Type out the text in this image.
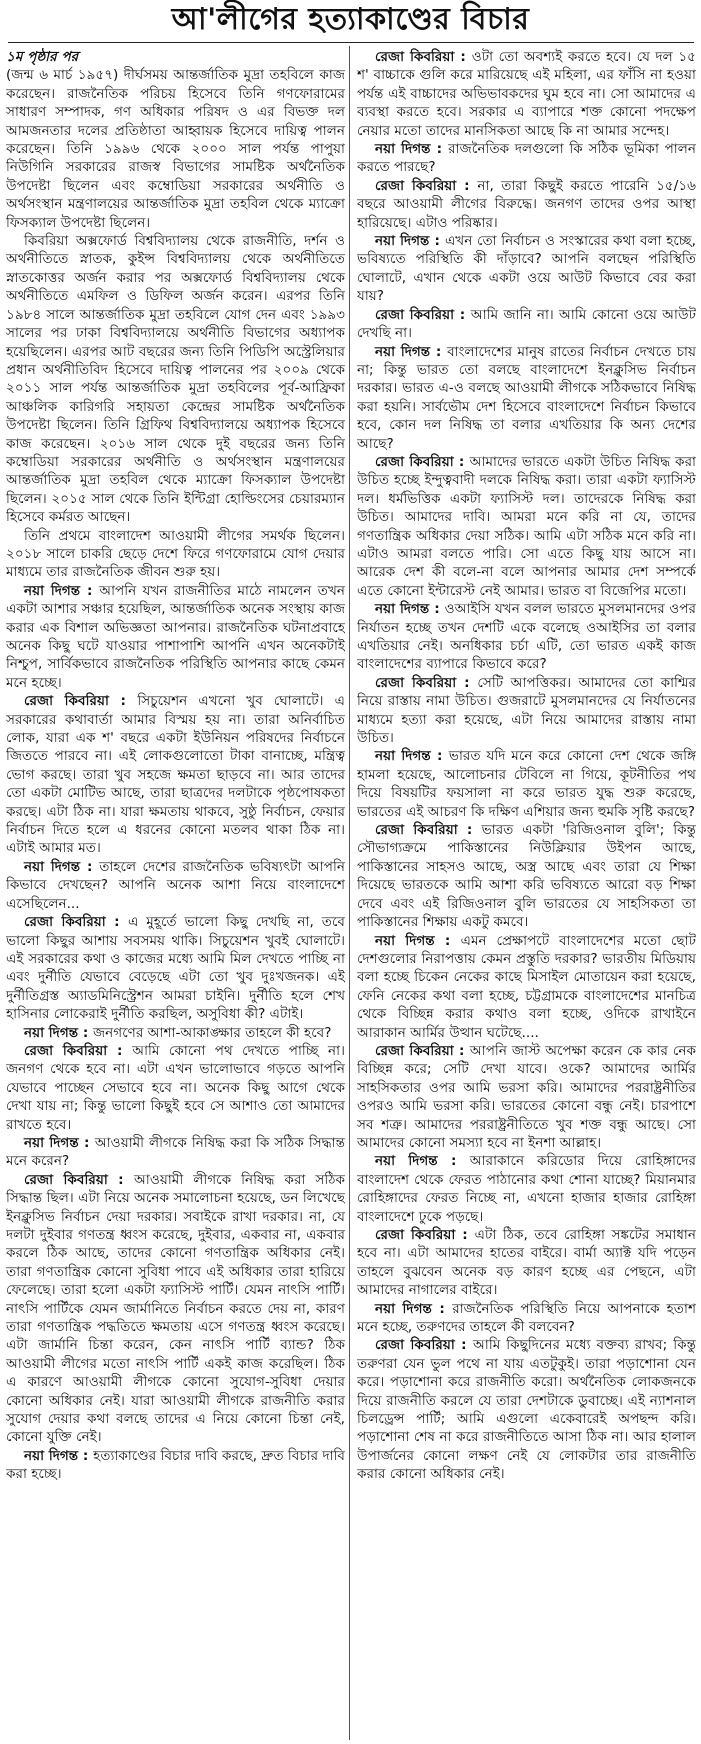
আ'লীগের হত্যাকাণ্ডের বিচার

১ম পৃষ্ঠার পর
(জন্ম ৬ মার্চ ১৯৫৭) দীর্ঘসময় আন্তর্জাতিক মুদ্রা তহবিলে কাজ করেছেন। রাজনৈতিক পরিচয় হিসেবে তিনি গণফোরামের সাধারণ সম্পাদক, গণ অধিকার পরিষদ ও এর বিভক্ত দল আমজনতার দলের প্রতিষ্ঠাতা আহ্বায়ক হিসেবে দায়িত্ব পালন করেছেন। তিনি ১৯৯৬ থেকে ২০০০ সাল পর্যন্ত পাপুয়া নিউগিনি সরকারের রাজস্ব বিভাগের সামষ্টিক অর্থনৈতিক উপদেষ্টা ছিলেন এবং কম্বোডিয়া সরকারের অর্থনীতি ও অর্থসংস্থান মন্ত্রণালয়ের আন্তর্জাতিক মুদ্রা তহবিল থেকে ম্যাক্রো ফিসক্যাল উপদেষ্টা ছিলেন।

কিবরিয়া অক্সফোর্ড বিশ্ববিদ্যালয় থেকে রাজনীতি, দর্শন ও অর্থনীতিতে স্নাতক, কুইন্স বিশ্ববিদ্যালয় থেকে অর্থনীতিতে স্নাতকোত্তর অর্জন করার পর অক্সফোর্ড বিশ্ববিদ্যালয় থেকে অর্থনীতিতে এমফিল ও ডিফিল অর্জন করেন। এরপর তিনি ১৯৮৪ সালে আন্তর্জাতিক মুদ্রা তহবিলে যোগ দেন এবং ১৯৯৩ সালের পর ঢাকা বিশ্ববিদ্যালয়ে অর্থনীতি বিভাগের অধ্যাপক হয়েছিলেন। এরপর আট বছরের জন্য তিনি পিডিপি অস্ট্রেলিয়ার প্রধান অর্থনীতিবিদ হিসেবে দায়িত্ব পালনের পর ২০০৯ থেকে ২০১১ সাল পর্যন্ত আন্তর্জাতিক মুদ্রা তহবিলের পূর্ব-আফ্রিকা আঞ্চলিক কারিগরি সহায়তা কেন্দ্রের সামষ্টিক অর্থনৈতিক উপদেষ্টা ছিলেন। তিনি গ্রিফিথ বিশ্ববিদ্যালয়ে অধ্যাপক হিসেবে কাজ করেছেন। ২০১৬ সাল থেকে দুই বছরের জন্য তিনি কম্বোডিয়া সরকারের অর্থনীতি ও অর্থসংস্থান মন্ত্রণালয়ের আন্তর্জাতিক মুদ্রা তহবিল থেকে ম্যাক্রো ফিসক্যাল উপদেষ্টা ছিলেন। ২০১৫ সাল থেকে তিনি ইন্টিগ্রা হোল্ডিংসের চেয়ারম্যান হিসেবে কর্মরত আছেন।

তিনি প্রথমে বাংলাদেশ আওয়ামী লীগের সমর্থক ছিলেন। ২০১৮ সালে চাকরি ছেড়ে দেশে ফিরে গণফোরামে যোগ দেয়ার মাধ্যমে তার রাজনৈতিক জীবন শুরু হয়।

নয়া দিগন্ত : আপনি যখন রাজনীতির মাঠে নামলেন তখন একটা আশার সঞ্চার হয়েছিল, আন্তর্জাতিক অনেক সংস্থায় কাজ করার এক বিশাল অভিজ্ঞতা আপনার। রাজনৈতিক ঘটনাপ্রবাহে অনেক কিছু ঘটে যাওয়ার পাশাপাশি আপনি এখন অনেকটাই নিশ্চুপ, সার্বিকভাবে রাজনৈতিক পরিস্থিতি আপনার কাছে কেমন মনে হচ্ছে।

রেজা কিবরিয়া : সিচুয়েশন এখনো খুব ঘোলাটে। এ সরকারের কথাবার্তা আমার বিস্ময় হয় না। তারা অনির্বাচিত লোক, যারা এক শ' বছরে একটা ইউনিয়ন পরিষদের নির্বাচনে জিততে পারবে না। এই লোকগুলোতো টাকা বানাচ্ছে, মন্ত্রিত্ব ভোগ করছে। তারা খুব সহজে ক্ষমতা ছাড়বে না। আর তাদের তো একটা মোটিভ আছে, তারা ছাত্রদের দলটাকে পৃষ্ঠপোষকতা করছে। এটা ঠিক না। যারা ক্ষমতায় থাকবে, সুষ্ঠু নির্বাচন, ফেয়ার নির্বাচন দিতে হলে এ ধরনের কোনো মতলব থাকা ঠিক না। এটাই আমার মত।

নয়া দিগন্ত : তাহলে দেশের রাজনৈতিক ভবিষ্যৎটা আপনি কিভাবে দেখছেন? আপনি অনেক আশা নিয়ে বাংলাদেশে এসেছিলেন...

রেজা কিবরিয়া : এ মুহূর্তে ভালো কিছু দেখছি না, তবে ভালো কিছুর আশায় সবসময় থাকি। সিচুয়েশন খুবই ঘোলাটে। এই সরকারের কথা ও কাজের মধ্যে আমি মিল দেখতে পাচ্ছি না এবং দুর্নীতি যেভাবে বেড়েছে এটা তো খুব দুঃখজনক। এই দুর্নীতিগ্রস্ত অ্যাডমিনিস্ট্রেশন আমরা চাইনি। দুর্নীতি হলে শেখ হাসিনার লোকেরাই দুর্নীতি করছিল, অসুবিধা কী? এটাই।

নয়া দিগন্ত : জনগণের আশা-আকাঙ্ক্ষার তাহলে কী হবে?

রেজা কিবরিয়া : আমি কোনো পথ দেখতে পাচ্ছি না। জনগণ থেকে হবে না। এটা এখন ভালোভাবে গড়তে আপনি যেভাবে পাচ্ছেন সেভাবে হবে না। অনেক কিছু আগে থেকে দেখা যায় না; কিন্তু ভালো কিছুই হবে সে আশাও তো আমাদের রাখতে হবে।

নয়া দিগন্ত : আওয়ামী লীগকে নিষিদ্ধ করা কি সঠিক সিদ্ধান্ত মনে করেন?

রেজা কিবরিয়া : আওয়ামী লীগকে নিষিদ্ধ করা সঠিক সিদ্ধান্ত ছিল। এটা নিয়ে অনেক সমালোচনা হয়েছে, ডন লিখেছে ইনক্লুসিভ নির্বাচন দেয়া দরকার। সবাইকে রাখা দরকার। না, যে দলটা দুইবার গণতন্ত্র ধ্বংস করেছে, দুইবার, একবার না, একবার করলে ঠিক আছে, তাদের কোনো গণতান্ত্রিক অধিকার নেই। তারা গণতান্ত্রিক কোনো সুবিধা পাবে এই অধিকার তারা হারিয়ে ফেলেছে। তারা হলো একটা ফ্যাসিস্ট পার্টি। যেমন নাৎসি পার্টি। নাৎসি পার্টিকে যেমন জার্মানিতে নির্বাচন করতে দেয় না, কারণ তারা গণতান্ত্রিক পদ্ধতিতে ক্ষমতায় এসে গণতন্ত্র ধ্বংস করেছে। এটা জার্মানি চিন্তা করেন, কেন নাৎসি পার্টি ব্যান্ড? ঠিক আওয়ামী লীগের মতো নাৎসি পার্টি একই কাজ করেছিল। ঠিক এ কারণে আওয়ামী লীগকে কোনো সুযোগ-সুবিধা দেয়ার কোনো অধিকার নেই। যারা আওয়ামী লীগকে রাজনীতি করার সুযোগ দেয়ার কথা বলছে তাদের এ নিয়ে কোনো চিন্তা নেই, কোনো যুক্তি নেই।

নয়া দিগন্ত : হত্যাকাণ্ডের বিচার দাবি করছে, দ্রুত বিচার দাবি করা হচ্ছে।

রেজা কিবরিয়া : ওটা তো অবশ্যই করতে হবে। যে দল ১৫ শ' বাচ্চাকে গুলি করে মারিয়েছে এই মহিলা, এর ফাঁসি না হওয়া পর্যন্ত এই বাচ্চাদের অভিভাবকদের ঘুম হবে না। সো আমাদের এ ব্যবস্থা করতে হবে। সরকার এ ব্যাপারে শক্ত কোনো পদক্ষেপ নেয়ার মতো তাদের মানসিকতা আছে কি না আমার সন্দেহ।

নয়া দিগন্ত : রাজনৈতিক দলগুলো কি সঠিক ভূমিকা পালন করতে পারছে?

রেজা কিবরিয়া : না, তারা কিছুই করতে পারেনি ১৫/১৬ বছরে আওয়ামী লীগের বিরুদ্ধে। জনগণ তাদের ওপর আস্থা হারিয়েছে। এটাও পরিষ্কার।

নয়া দিগন্ত : এখন তো নির্বাচন ও সংস্কারের কথা বলা হচ্ছে, ভবিষ্যতে পরিস্থিতি কী দাঁড়াবে? আপনি বলছেন পরিস্থিতি ঘোলাটে, এখান থেকে একটা ওয়ে আউট কিভাবে বের করা যায়?

রেজা কিবরিয়া : আমি জানি না। আমি কোনো ওয়ে আউট দেখছি না।

নয়া দিগন্ত : বাংলাদেশের মানুষ রাতের নির্বাচন দেখতে চায় না; কিন্তু ভারত তো বলছে বাংলাদেশে ইনক্লুসিভ নির্বাচন দরকার। ভারত এ-ও বলছে আওয়ামী লীগকে সঠিকভাবে নিষিদ্ধ করা হয়নি। সার্বভৌম দেশ হিসেবে বাংলাদেশে নির্বাচন কিভাবে হবে, কোন দল নিষিদ্ধ তা বলার এখতিয়ার কি অন্য দেশের আছে?

রেজা কিবরিয়া : আমাদের ভারতে একটা উচিত নিষিদ্ধ করা উচিত হচ্ছে ইন্দুত্ববাদী দলকে নিষিদ্ধ করা। তারা একটা ফ্যাসিস্ট দল। ধর্মভিত্তিক একটা ফ্যাসিস্ট দল। তাদেরকে নিষিদ্ধ করা উচিত। আমাদের দাবি। আমরা মনে করি না যে, তাদের গণতান্ত্রিক অধিকার দেয়া সঠিক। আমি এটা সঠিক মনে করি না। এটাও আমরা বলতে পারি। সো এতে কিছু যায় আসে না। আরেক দেশ কী বলে-না বলে আপনার আমার দেশ সম্পর্কে এতে কোনো ইন্টারেস্ট নেই আমার। ভারত বা বিজেপির মতো।

নয়া দিগন্ত : ওআইসি যখন বলল ভারতে মুসলমানদের ওপর নির্যাতন হচ্ছে তখন দেশটি একে বলেছে ওআইসির তা বলার এখতিয়ার নেই। অনধিকার চর্চা এটি, তো ভারত একই কাজ বাংলাদেশের ব্যাপারে কিভাবে করে?

রেজা কিবরিয়া : সেটি আপত্তিকর। আমাদের তো কাশ্মির নিয়ে রাস্তায় নামা উচিত। গুজরাটে মুসলমানদের যে নির্যাতনের মাধ্যমে হত্যা করা হয়েছে, এটা নিয়ে আমাদের রাস্তায় নামা উচিত।

নয়া দিগন্ত : ভারত যদি মনে করে কোনো দেশ থেকে জঙ্গি হামলা হয়েছে, আলোচনার টেবিলে না গিয়ে, কূটনীতির পথ দিয়ে বিষয়টির ফয়সালা না করে ভারত যুদ্ধ শুরু করেছে, ভারতের এই আচরণ কি দক্ষিণ এশিয়ার জন্য হুমকি সৃষ্টি করছে?

রেজা কিবরিয়া : ভারত একটা 'রিজিওনাল বুলি'; কিন্তু সৌভাগ্যক্রমে পাকিস্তানের নিউক্লিয়ার উইপন আছে, পাকিস্তানের সাহসও আছে, অস্ত্র আছে এবং তারা যে শিক্ষা দিয়েছে ভারতকে আমি আশা করি ভবিষ্যতে আরো বড় শিক্ষা দেবে এবং এই রিজিওনাল বুলি ভারতের যে সাহসিকতা তা পাকিস্তানের শিক্ষায় একটু কমবে।

নয়া দিগন্ত : এমন প্রেক্ষাপটে বাংলাদেশের মতো ছোট দেশগুলোর নিরাপত্তায় কেমন প্রস্তুতি দরকার? ভারতীয় মিডিয়ায় বলা হচ্ছে চিকেন নেকের কাছে মিসাইল মোতায়েন করা হয়েছে, ফেনি নেকের কথা বলা হচ্ছে, চট্টগ্রামকে বাংলাদেশের মানচিত্র থেকে বিচ্ছিন্ন করার কথাও বলা হচ্ছে, ওদিকে রাখাইনে আরাকান আর্মির উত্থান ঘটেছে....

রেজা কিবরিয়া : আপনি জাস্ট অপেক্ষা করেন কে কার নেক বিচ্ছিন্ন করে; সেটি দেখা যাবে। ওকে? আমাদের আর্মির সাহসিকতার ওপর আমি ভরসা করি। আমাদের পররাষ্ট্রনীতির ওপরও আমি ভরসা করি। ভারতের কোনো বন্ধু নেই। চারপাশে সব শত্রু। আমাদের পররাষ্ট্রনীতিতে খুব শক্ত বন্ধু আছে। সো আমাদের কোনো সমস্যা হবে না ইনশা আল্লাহ।

নয়া দিগন্ত : আরাকানে করিডোর দিয়ে রোহিঙ্গাদের বাংলাদেশ থেকে ফেরত পাঠানোর কথা শোনা যাচ্ছে? মিয়ানমার রোহিঙ্গাদের ফেরত নিচ্ছে না, এখনো হাজার হাজার রোহিঙ্গা বাংলাদেশে ঢুকে পড়ছে।

রেজা কিবরিয়া : এটা ঠিক, তবে রোহিঙ্গা সঙ্কটের সমাধান হবে না। এটা আমাদের হাতের বাইরে। বার্মা অ্যাক্ট যদি পড়েন তাহলে বুঝবেন অনেক বড় কারণ হচ্ছে এর পেছনে, এটা আমাদের নাগালের বাইরে।

নয়া দিগন্ত : রাজনৈতিক পরিস্থিতি নিয়ে আপনাকে হতাশ মনে হচ্ছে, তরুণদের তাহলে কী বলবেন?

রেজা কিবরিয়া : আমি কিছুদিনের মধ্যে বক্তব্য রাখব; কিন্তু তরুণরা যেন ভুল পথে না যায় এতটুকুই। তারা পড়াশোনা যেন করে। পড়াশোনা করে রাজনীতি করো। অর্থনৈতিক লোকজনকে দিয়ে রাজনীতি করলে যে তারা দেশটাকে ডুবাচ্ছে। এই ন্যাশনাল চিলড্রেন্স পার্টি; আমি এগুলো একেবারেই অপছন্দ করি। পড়াশোনা শেষ না করে রাজনীতিতে আসা ঠিক না। আর হালাল উপার্জনের কোনো লক্ষণ নেই যে লোকটার তার রাজনীতি করার কোনো অধিকার নেই।
